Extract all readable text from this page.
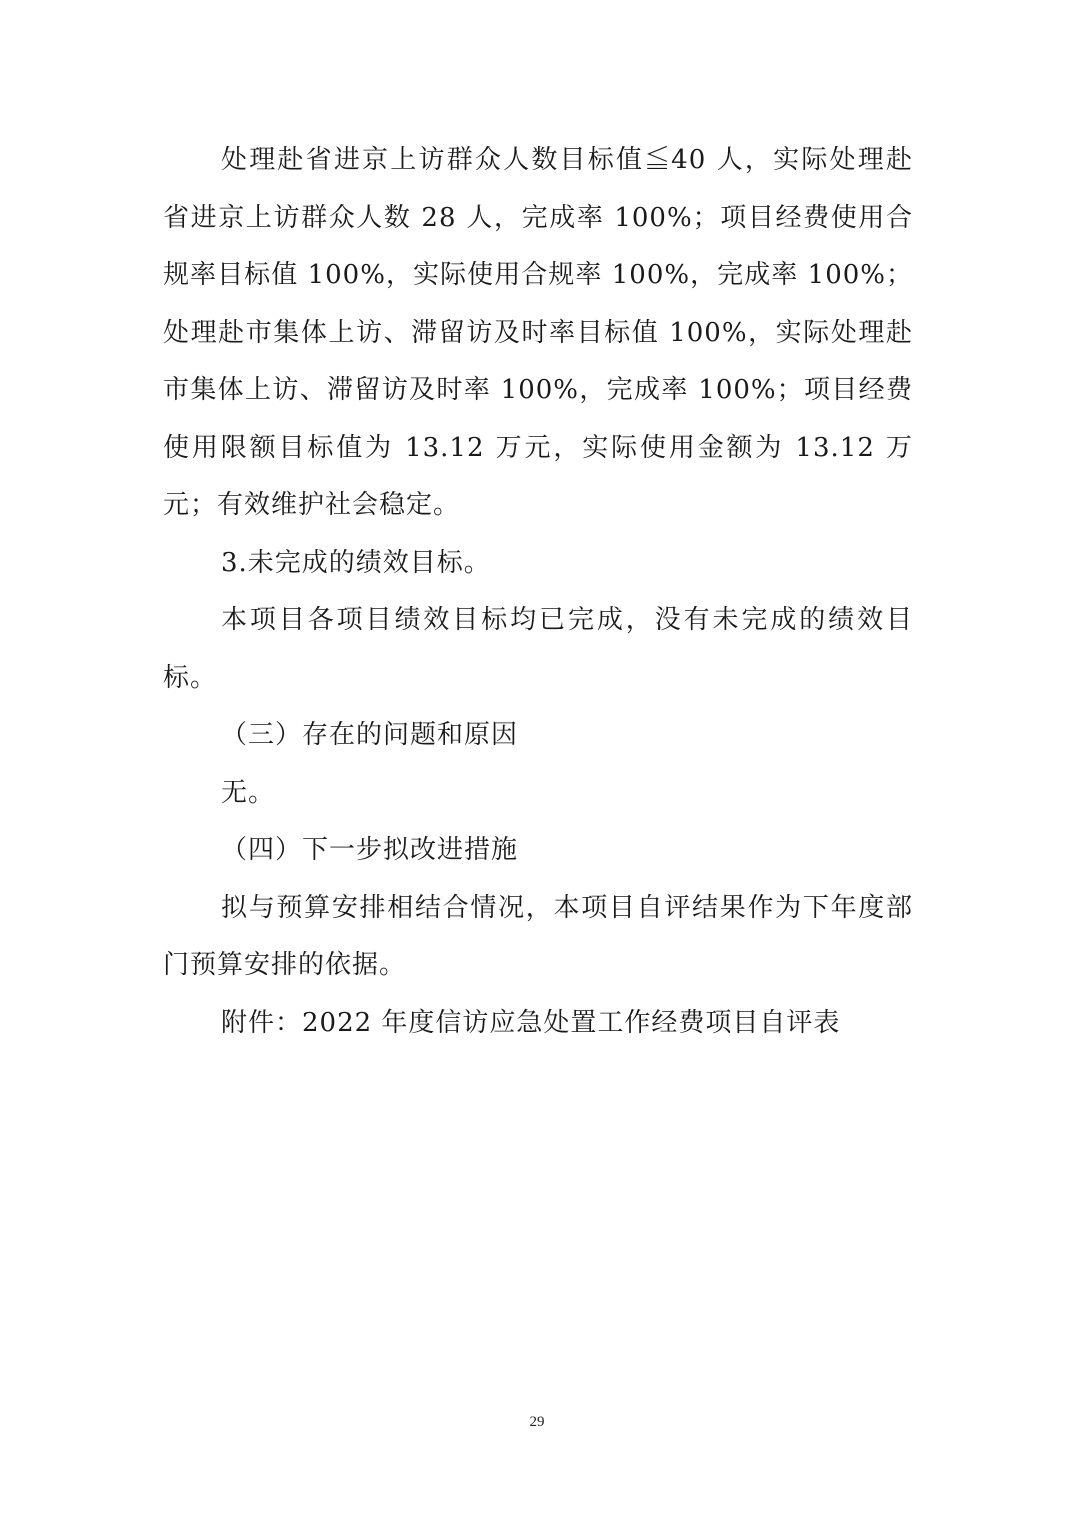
处理赴省进京上访群众人数目标值≦40 人，实际处理赴省进京上访群众人数 28 人，完成率 100%；项目经费使用合规率目标值 100%，实际使用合规率 100%，完成率 100%；处理赴市集体上访、滞留访及时率目标值 100%，实际处理赴市集体上访、滞留访及时率 100%，完成率 100%；项目经费使用限额目标值为 13.12 万元，实际使用金额为 13.12 万元；有效维护社会稳定。

3.未完成的绩效目标。

本项目各项目绩效目标均已完成，没有未完成的绩效目标。

（三）存在的问题和原因

无。

（四）下一步拟改进措施

拟与预算安排相结合情况，本项目自评结果作为下年度部门预算安排的依据。

附件：2022 年度信访应急处置工作经费项目自评表

29
